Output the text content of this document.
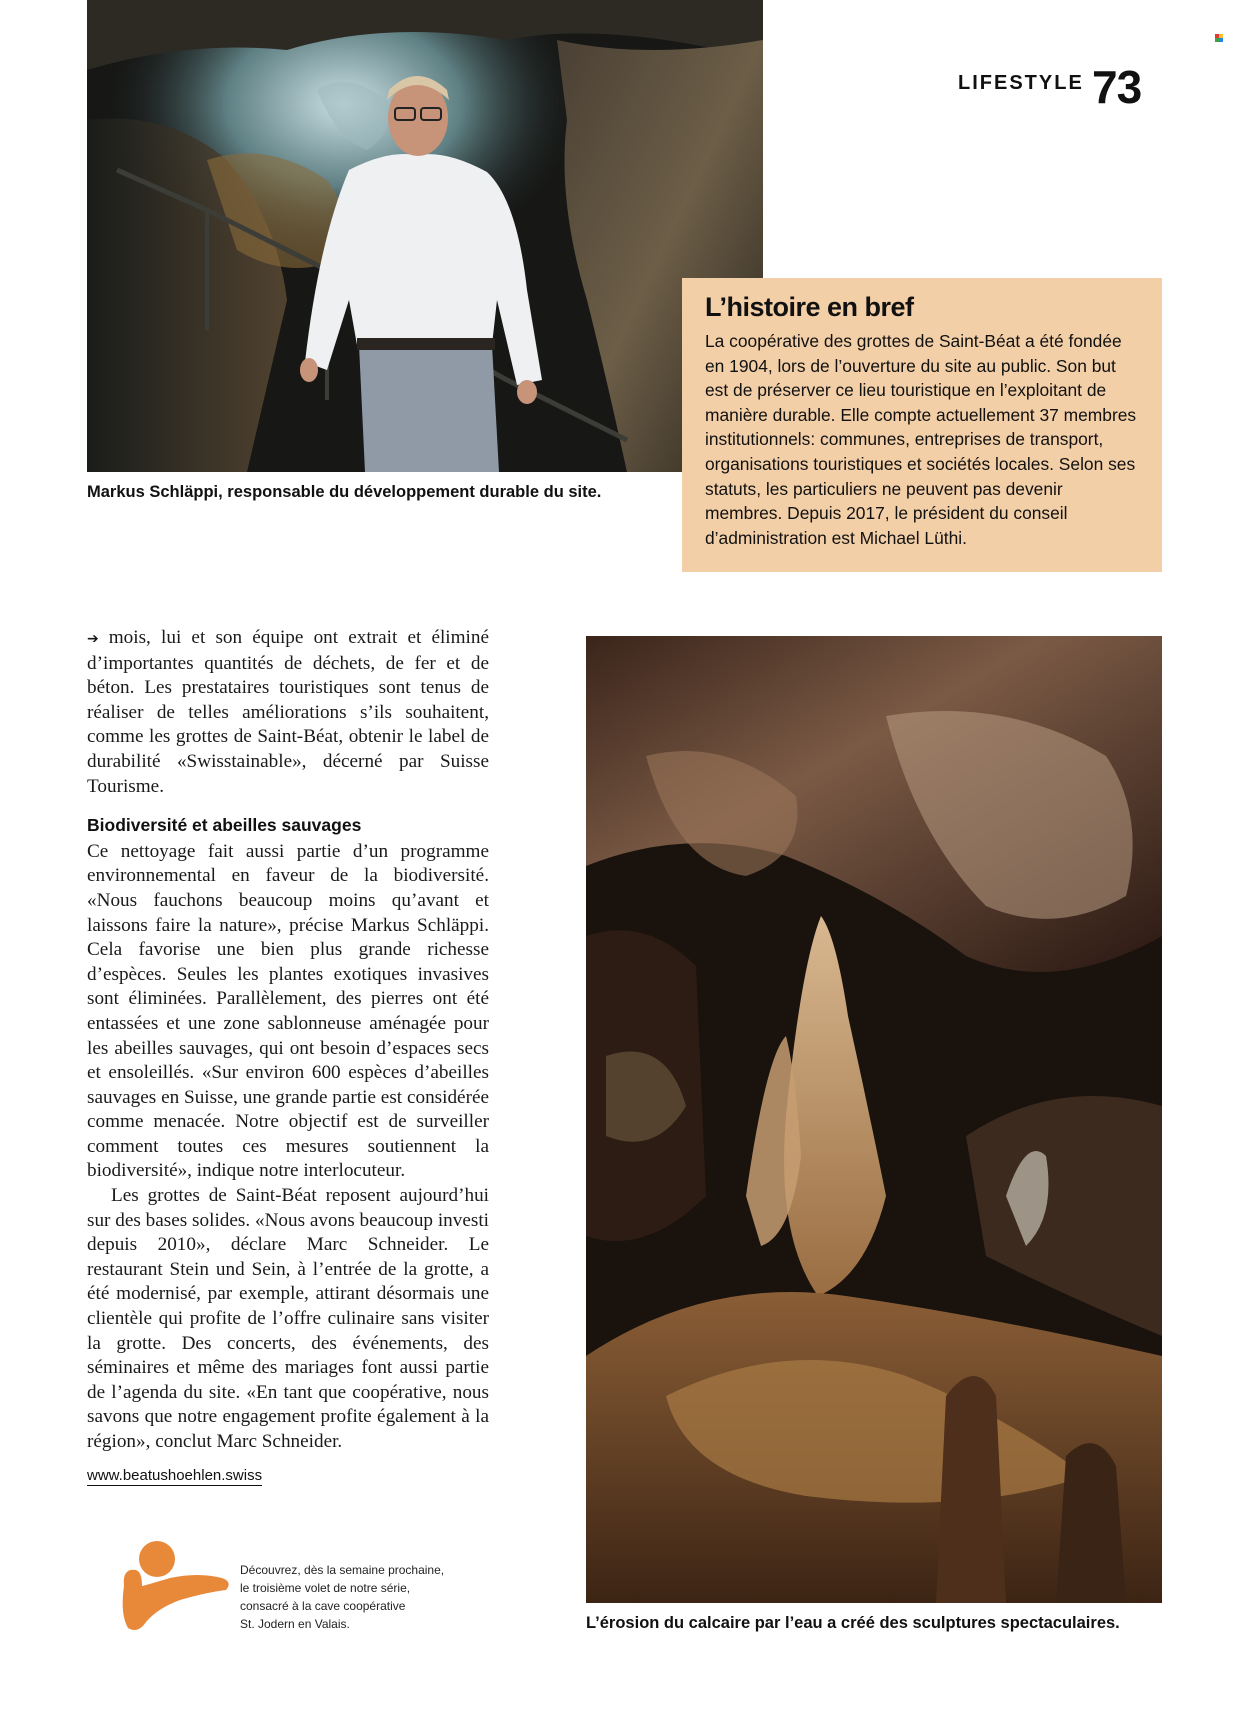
LIFESTYLE 73
Markus Schläppi, responsable du développement durable du site.
L’histoire en bref
La coopérative des grottes de Saint-Béat a été fondée en 1904, lors de l’ouverture du site au public. Son but est de préserver ce lieu touristique en l’exploitant de manière durable. Elle compte actuellement 37 membres institutionnels: communes, entreprises de transport, organisations touristiques et sociétés locales. Selon ses statuts, les particuliers ne peuvent pas devenir membres. Depuis 2017, le président du conseil d’administration est Michael Lüthi.

➔ mois, lui et son équipe ont extrait et éliminé d’importantes quantités de déchets, de fer et de béton. Les prestataires touristiques sont tenus de réaliser de telles améliorations s’ils souhaitent, comme les grottes de Saint-Béat, obtenir le label de durabilité «Swisstainable», décerné par Suisse Tourisme.

Biodiversité et abeilles sauvages

Ce nettoyage fait aussi partie d’un programme environnemental en faveur de la biodiversité. «Nous fauchons beaucoup moins qu’avant et laissons faire la nature», précise Markus Schläppi. Cela favorise une bien plus grande richesse d’espèces. Seules les plantes exotiques invasives sont éliminées. Parallèlement, des pierres ont été entassées et une zone sablonneuse aménagée pour les abeilles sauvages, qui ont besoin d’espaces secs et ensoleillés. «Sur environ 600 espèces d’abeilles sauvages en Suisse, une grande partie est considérée comme menacée. Notre objectif est de surveiller comment toutes ces mesures soutiennent la biodiversité», indique notre interlocuteur.

Les grottes de Saint-Béat reposent aujourd’hui sur des bases solides. «Nous avons beaucoup investi depuis 2010», déclare Marc Schneider. Le restaurant Stein und Sein, à l’entrée de la grotte, a été modernisé, par exemple, attirant désormais une clientèle qui profite de l’offre culinaire sans visiter la grotte. Des concerts, des événements, des séminaires et même des mariages font aussi partie de l’agenda du site. «En tant que coopérative, nous savons que notre engagement profite également à la région», conclut Marc Schneider.

www.beatushoehlen.swiss
Découvrez, dès la semaine prochaine,
le troisième volet de notre série,
consacré à la cave coopérative
St. Jodern en Valais.	L’érosion du calcaire par l’eau a créé des sculptures spectaculaires.
